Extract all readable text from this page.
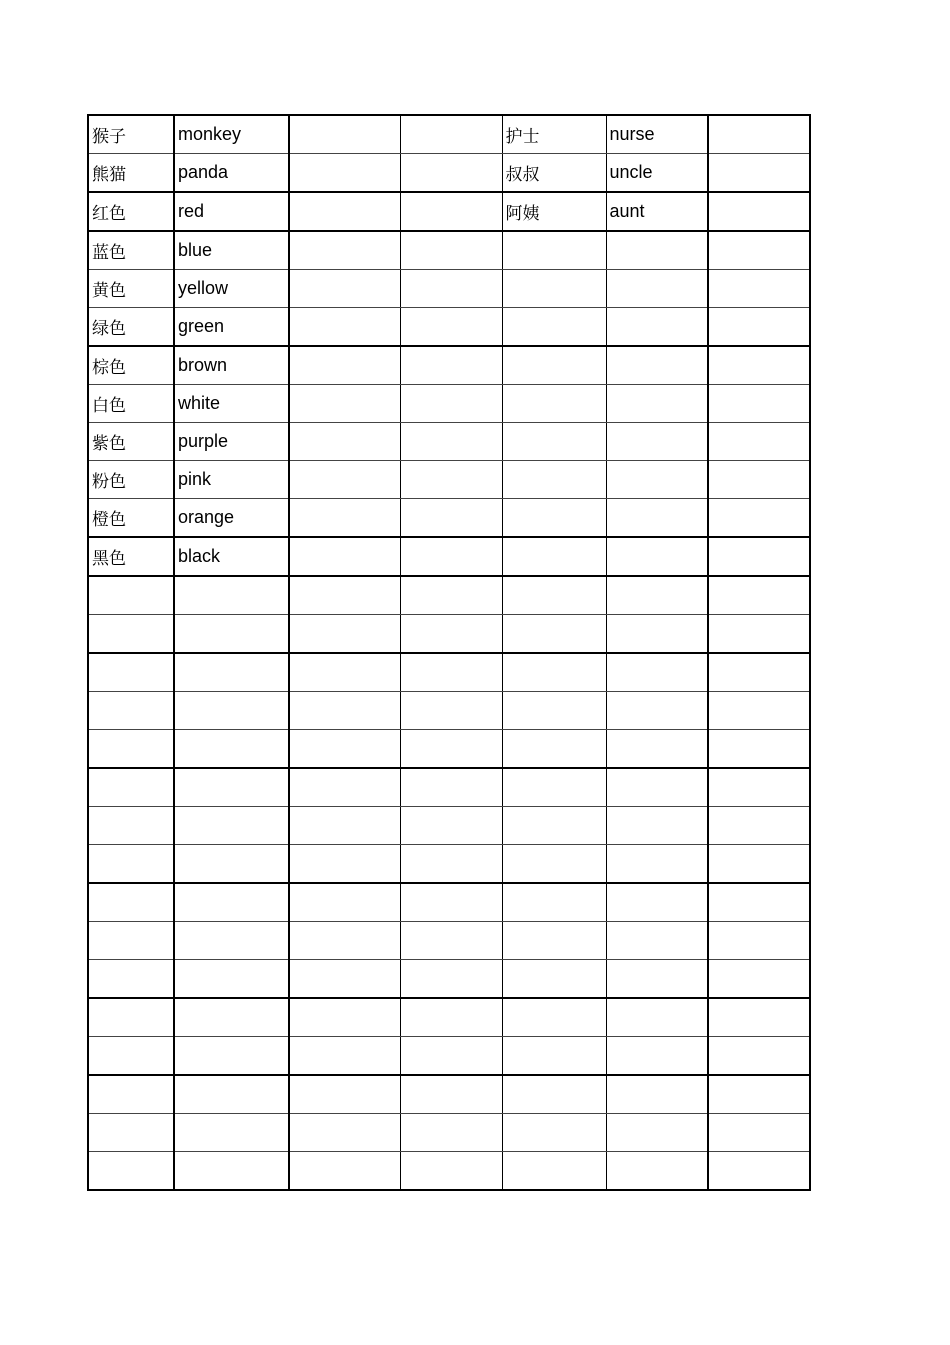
猴子	monkey			护士	nurse	
熊猫	panda			叔叔	uncle	
红色	red			阿姨	aunt	
蓝色	blue					
黄色	yellow					
绿色	green					
棕色	brown					
白色	white					
紫色	purple					
粉色	pink					
橙色	orange					
黑色	black					
